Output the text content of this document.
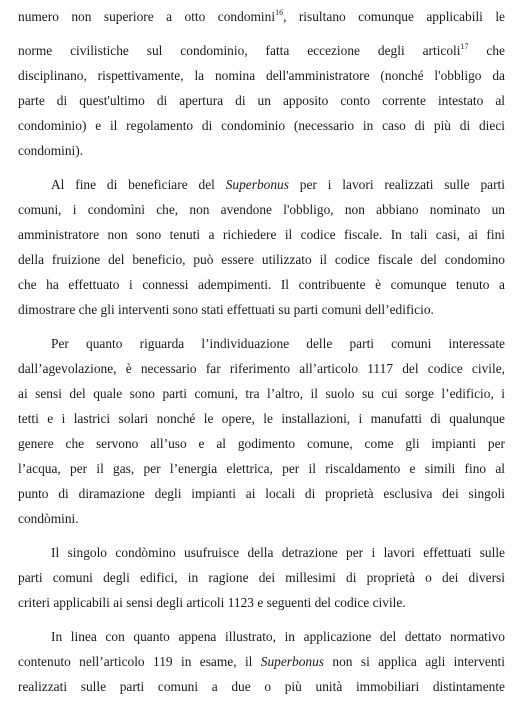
numero non superiore a otto condomini$^{16}$, risultano comunque applicabili le
norme civilistiche sul condominio, fatta eccezione degli articoli$^{17}$ che
disciplinano, rispettivamente, la nomina dell'amministratore (nonché l'obbligo da
parte di quest'ultimo di apertura di un apposito conto corrente intestato al
condominio) e il regolamento di condominio (necessario in caso di più di dieci
condomini).
Al fine di beneficiare del Superbonus per i lavori realizzati sulle parti
comuni, i condomìni che, non avendone l'obbligo, non abbiano nominato un
amministratore non sono tenuti a richiedere il codice fiscale. In tali casi, ai fini
della fruizione del beneficio, può essere utilizzato il codice fiscale del condomino
che ha effettuato i connessi adempimenti. Il contribuente è comunque tenuto a
dimostrare che gli interventi sono stati effettuati su parti comuni dell’edificio.
Per quanto riguarda l’individuazione delle parti comuni interessate
dall’agevolazione, è necessario far riferimento all’articolo 1117 del codice civile,
ai sensi del quale sono parti comuni, tra l’altro, il suolo su cui sorge l’edificio, i
tetti e i lastrici solari nonché le opere, le installazioni, i manufatti di qualunque
genere che servono all’uso e al godimento comune, come gli impianti per
l’acqua, per il gas, per l’energia elettrica, per il riscaldamento e simili fino al
punto di diramazione degli impianti ai locali di proprietà esclusiva dei singoli
condòmini.
Il singolo condòmino usufruisce della detrazione per i lavori effettuati sulle
parti comuni degli edifici, in ragione dei millesimi di proprietà o dei diversi
criteri applicabili ai sensi degli articoli 1123 e seguenti del codice civile.
In linea con quanto appena illustrato, in applicazione del dettato normativo
contenuto nell’articolo 119 in esame, il Superbonus non si applica agli interventi
realizzati sulle parti comuni a due o più unità immobiliari distintamente
